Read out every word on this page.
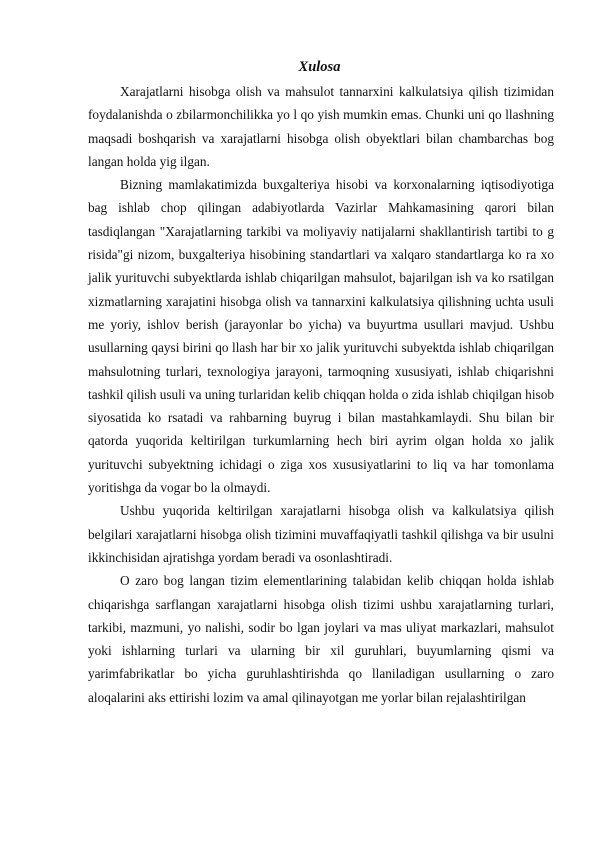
Xulosa

Xarajatlarni hisobga olish va mahsulot tannarxini kalkulatsiya qilish tizimidan foydalanishda o zbilarmonchilikka yo l qo yish mumkin emas. Chunki uni qo llashning maqsadi boshqarish va xarajatlarni hisobga olish obyektlari bilan chambarchas bog langan holda yig ilgan.

Bizning mamlakatimizda buxgalteriya hisobi va korxonalarning iqtisodiyotiga bag ishlab chop qilingan adabiyotlarda Vazirlar Mahkamasining qarori bilan tasdiqlangan "Xarajatlarning tarkibi va moliyaviy natijalarni shakllantirish tartibi to g risida"gi nizom, buxgalteriya hisobining standartlari va xalqaro standartlarga ko ra xo jalik yurituvchi subyektlarda ishlab chiqarilgan mahsulot, bajarilgan ish va ko rsatilgan xizmatlarning xarajatini hisobga olish va tannarxini kalkulatsiya qilishning uchta usuli me yoriy, ishlov berish (jarayonlar bo yicha) va buyurtma usullari mavjud. Ushbu usullarning qaysi birini qo llash har bir xo jalik yurituvchi subyektda ishlab chiqarilgan mahsulotning turlari, texnologiya jarayoni, tarmoqning xususiyati, ishlab chiqarishni tashkil qilish usuli va uning turlaridan kelib chiqqan holda o zida ishlab chiqilgan hisob siyosatida ko rsatadi va rahbarning buyrug i bilan mastahkamlaydi. Shu bilan bir qatorda yuqorida keltirilgan turkumlarning hech biri ayrim olgan holda xo jalik yurituvchi subyektning ichidagi o ziga xos xususiyatlarini to liq va har tomonlama yoritishga da vogar bo la olmaydi.

Ushbu yuqorida keltirilgan xarajatlarni hisobga olish va kalkulatsiya qilish belgilari xarajatlarni hisobga olish tizimini muvaffaqiyatli tashkil qilishga va bir usulni ikkinchisidan ajratishga yordam beradi va osonlashtiradi.

O zaro bog langan tizim elementlarining talabidan kelib chiqqan holda ishlab chiqarishga sarflangan xarajatlarni hisobga olish tizimi ushbu xarajatlarning turlari, tarkibi, mazmuni, yo nalishi, sodir bo lgan joylari va mas uliyat markazlari, mahsulot yoki ishlarning turlari va ularning bir xil guruhlari, buyumlarning qismi va yarimfabrikatlar bo yicha guruhlashtirishda qo llaniladigan usullarning o zaro aloqalarini aks ettirishi lozim va amal qilinayotgan me yorlar bilan rejalashtirilgan
